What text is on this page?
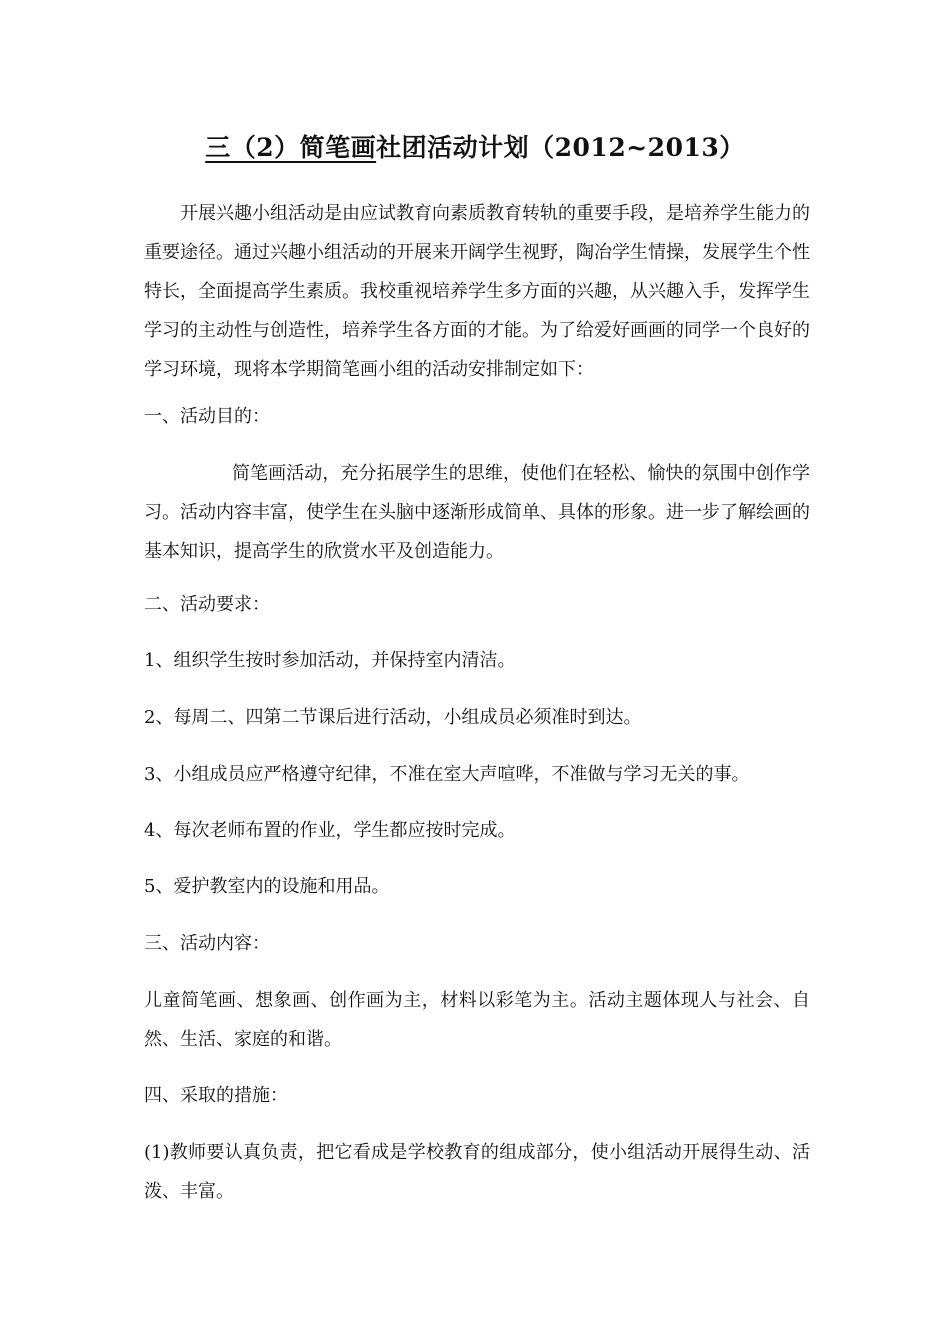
三（2）简笔画社团活动计划（2012~2013）

开展兴趣小组活动是由应试教育向素质教育转轨的重要手段，是培养学生能力的重要途径。通过兴趣小组活动的开展来开阔学生视野，陶冶学生情操，发展学生个性特长，全面提高学生素质。我校重视培养学生多方面的兴趣，从兴趣入手，发挥学生学习的主动性与创造性，培养学生各方面的才能。为了给爱好画画的同学一个良好的学习环境，现将本学期简笔画小组的活动安排制定如下：

一、活动目的：

简笔画活动，充分拓展学生的思维，使他们在轻松、愉快的氛围中创作学习。活动内容丰富，使学生在头脑中逐渐形成简单、具体的形象。进一步了解绘画的基本知识，提高学生的欣赏水平及创造能力。

二、活动要求：

1、组织学生按时参加活动，并保持室内清洁。

2、每周二、四第二节课后进行活动，小组成员必须准时到达。

3、小组成员应严格遵守纪律，不准在室大声喧哗，不准做与学习无关的事。

4、每次老师布置的作业，学生都应按时完成。

5、爱护教室内的设施和用品。

三、活动内容：

儿童简笔画、想象画、创作画为主，材料以彩笔为主。活动主题体现人与社会、自然、生活、家庭的和谐。

四、采取的措施：

(1)教师要认真负责，把它看成是学校教育的组成部分，使小组活动开展得生动、活泼、丰富。
